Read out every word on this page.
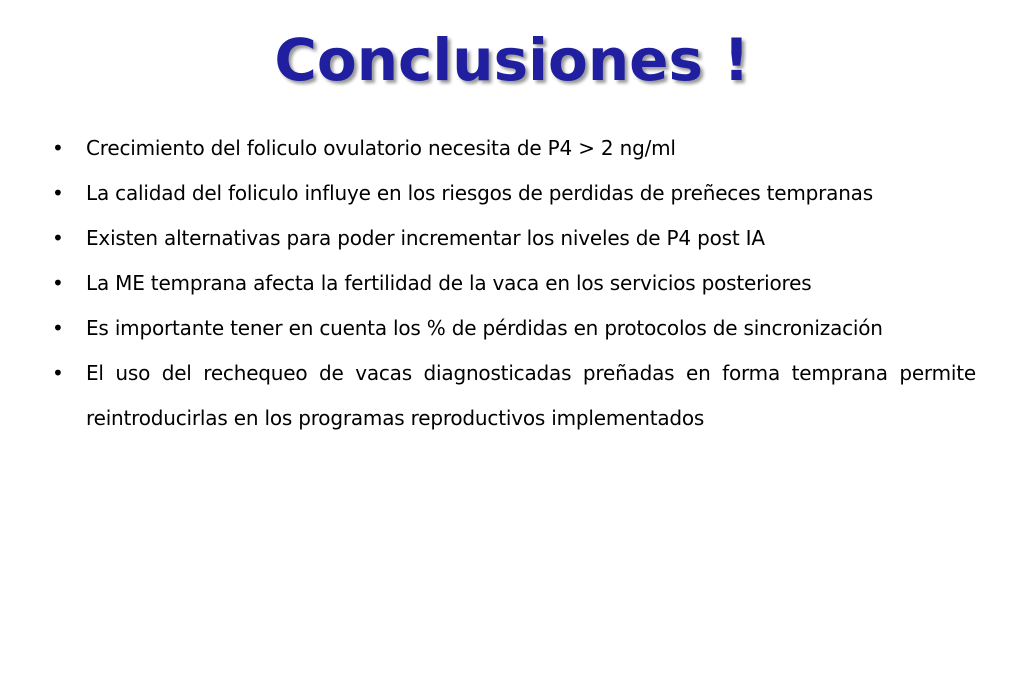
Conclusiones !
•	Crecimiento del foliculo ovulatorio necesita de P4 > 2 ng/ml
•	La calidad del foliculo influye en los riesgos de perdidas de preñeces tempranas
•	Existen alternativas para poder incrementar los niveles de P4 post IA
•	La ME temprana afecta la fertilidad de la vaca en los servicios posteriores
•	Es importante tener en cuenta los % de pérdidas en protocolos de sincronización
•	El uso del rechequeo de vacas diagnosticadas preñadas en forma temprana permite reintroducirlas en los programas reproductivos implementados
